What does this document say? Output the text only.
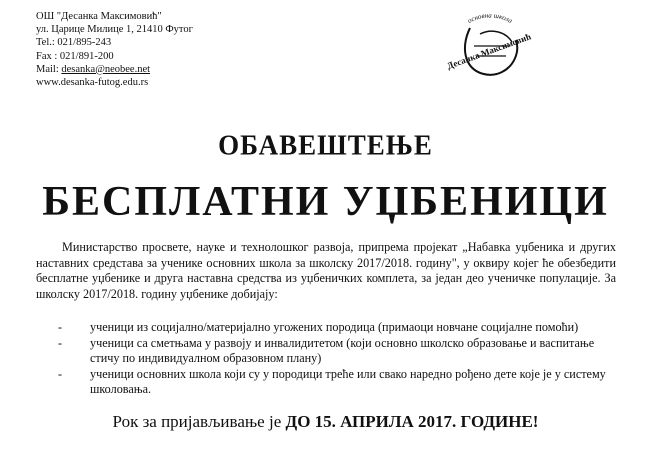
ОШ "Десанка Максимовић"
ул. Царице Милице 1, 21410 Футог
Tel.: 021/895-243
Fax : 021/891-200
Mail: desanka@neobee.net
www.desanka-futog.edu.rs
основна школа
Десанка Максимовић
ОБАВЕШТЕЊЕ
БЕСПЛАТНИ УЏБЕНИЦИ
Министарство просвете, науке и технолошког развоја, припрема пројекат „Набавка уџбеника и других наставних средстава за ученике основних школа за школску 2017/2018. годину", у оквиру којег ће обезбедити бесплатне уџбенике и друга наставна средства из уџбеничких комплета, за један део ученичке популације. За школску 2017/2018. годину уџбенике добијају:
- ученици из социјално/материјално угожених породица (примаоци новчане социјалне помоћи)
- ученици са сметњама у развоју и инвалидитетом (који основно школско образовање и васпитање стичу по индивидуалном образовном плану)
- ученици основних школа који су у породици треће или свако наредно рођено дете које је у систему школовања.
Рок за пријављивање је ДО 15. АПРИЛА 2017. ГОДИНЕ!
